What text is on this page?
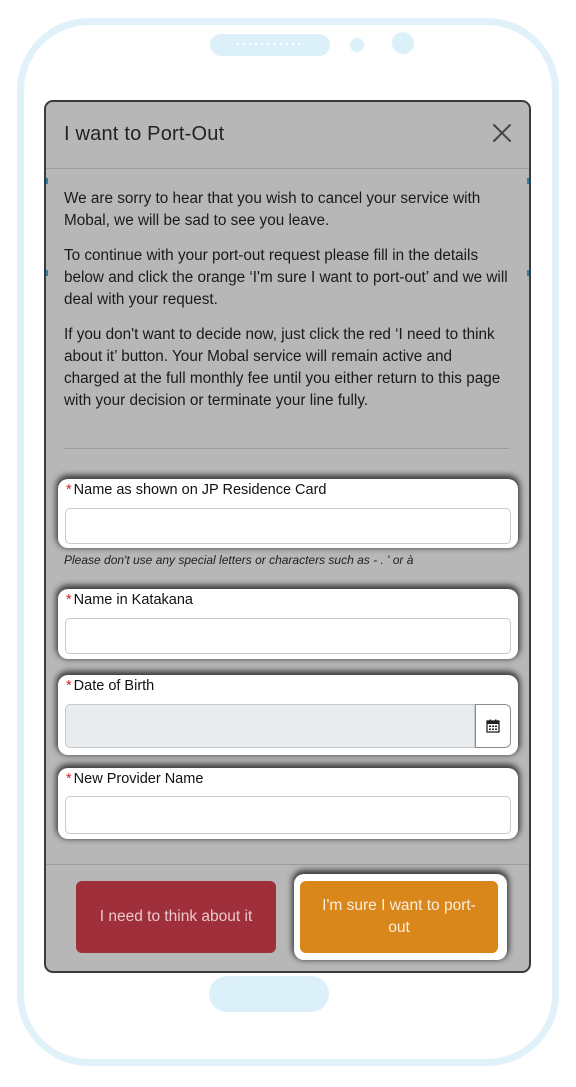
•••••••••••
I want to Port-Out

We are sorry to hear that you wish to cancel your service with Mobal, we will be sad to see you leave.

To continue with your port-out request please fill in the details below and click the orange ‘I'm sure I want to port-out’ and we will deal with your request.

If you don't want to decide now, just click the red ‘I need to think about it’ button. Your Mobal service will remain active and charged at the full monthly fee until you either return to this page with your decision or terminate your line fully.

* Name as shown on JP Residence Card
Please don't use any special letters or characters such as - . ' or à
* Name in Katakana
* Date of Birth
* New Provider Name
I need to think about it
I'm sure I want to port-out
